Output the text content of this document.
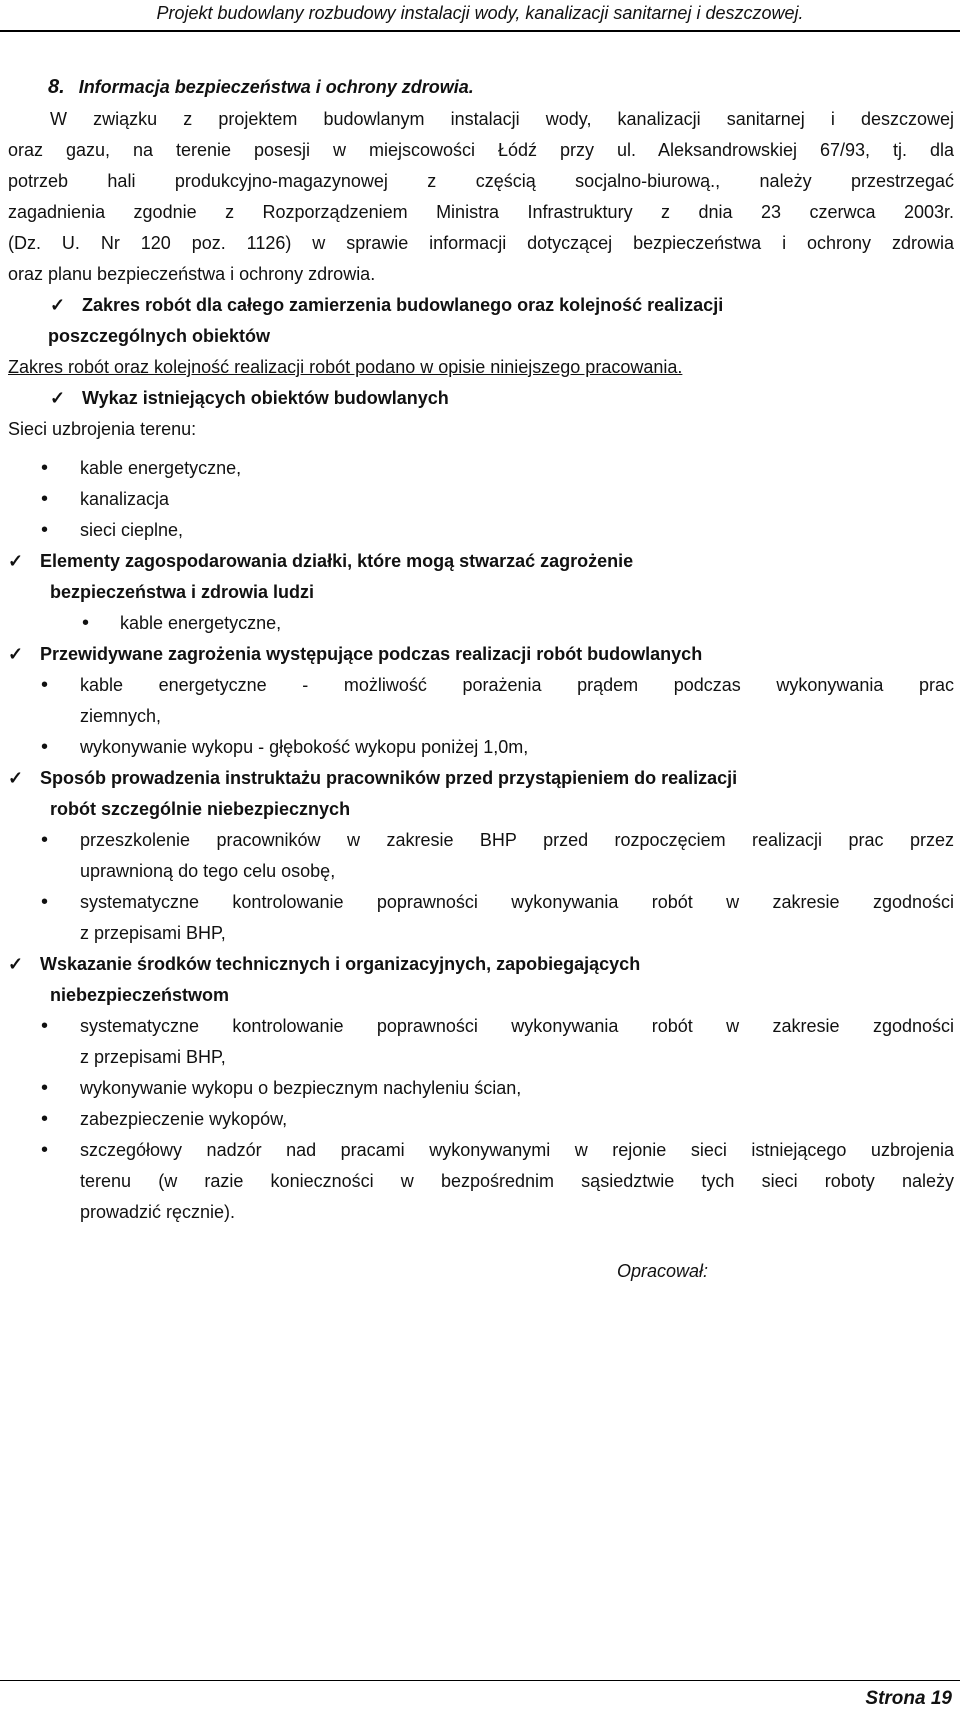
Projekt budowlany rozbudowy instalacji wody, kanalizacji sanitarnej i deszczowej.
8. Informacja bezpieczeństwa i ochrony zdrowia.
W związku z projektem budowlanym instalacji wody, kanalizacji sanitarnej i deszczowej
oraz gazu, na terenie posesji w miejscowości Łódź przy ul. Aleksandrowskiej 67/93, tj. dla
potrzeb hali produkcyjno-magazynowej z częścią socjalno-biurową., należy przestrzegać
zagadnienia zgodnie z Rozporządzeniem Ministra Infrastruktury z dnia 23 czerwca 2003r.
(Dz. U. Nr 120 poz. 1126) w sprawie informacji dotyczącej bezpieczeństwa i ochrony zdrowia
oraz planu bezpieczeństwa i ochrony zdrowia.
✓ Zakres robót dla całego zamierzenia budowlanego oraz kolejność realizacji
poszczególnych obiektów
Zakres robót oraz kolejność realizacji robót podano w opisie niniejszego pracowania.
✓ Wykaz istniejących obiektów budowlanych
Sieci uzbrojenia terenu:
• kable energetyczne,
• kanalizacja
• sieci cieplne,
✓ Elementy zagospodarowania działki, które mogą stwarzać zagrożenie
bezpieczeństwa i zdrowia ludzi
• kable energetyczne,
✓ Przewidywane zagrożenia występujące podczas realizacji robót budowlanych
• kable energetyczne - możliwość porażenia prądem podczas wykonywania prac
ziemnych,
• wykonywanie wykopu - głębokość wykopu poniżej 1,0m,
✓ Sposób prowadzenia instruktażu pracowników przed przystąpieniem do realizacji
robót szczególnie niebezpiecznych
• przeszkolenie pracowników w zakresie BHP przed rozpoczęciem realizacji prac przez
uprawnioną do tego celu osobę,
• systematyczne kontrolowanie poprawności wykonywania robót w zakresie zgodności
z przepisami BHP,
✓ Wskazanie środków technicznych i organizacyjnych, zapobiegających
niebezpieczeństwom
• systematyczne kontrolowanie poprawności wykonywania robót w zakresie zgodności
z przepisami BHP,
• wykonywanie wykopu o bezpiecznym nachyleniu ścian,
• zabezpieczenie wykopów,
• szczegółowy nadzór nad pracami wykonywanymi w rejonie sieci istniejącego uzbrojenia
terenu (w razie konieczności w bezpośrednim sąsiedztwie tych sieci roboty należy
prowadzić ręcznie).
Opracował:
Strona 19
